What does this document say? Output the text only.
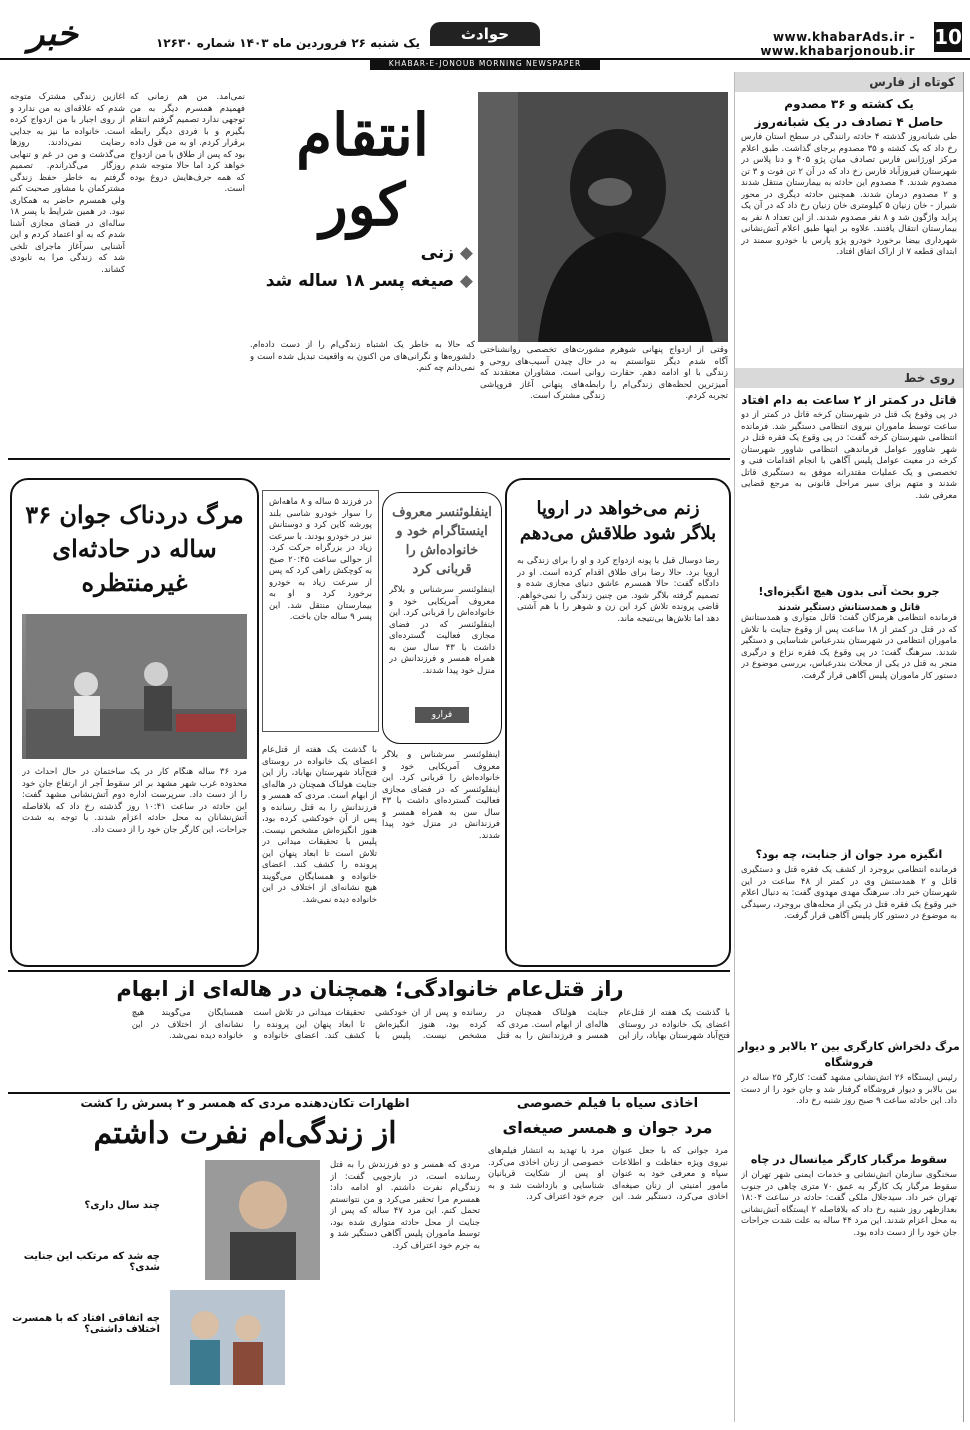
10
www.khabarAds.ir - www.khabarjonoub.ir
حوادث
یک شنبه ۲۶ فروردین ماه ۱۴۰۳ شماره ۱۲۶۳۰
خبر
KHABAR-E-JONOUB MORNING NEWSPAPER
کوتاه از فارس
یک کشته و ۳۶ مصدوم
حاصل ۴ تصادف در یک شبانه‌روز
طی شبانه‌روز گذشته ۴ حادثه رانندگی در سطح استان فارس رخ داد که یک کشته و ۳۵ مصدوم برجای گذاشت. طبق اعلام مرکز اورژانس فارس تصادف میان پژو ۴۰۵ و دنا پلاس در شهرستان فیروزآباد فارس رخ داد که در آن ۲ تن فوت و ۳ تن مصدوم شدند. ۴ مصدوم این حادثه به بیمارستان منتقل شدند و ۲ مصدوم درمان شدند. همچنین حادثه دیگری در محور شیراز - خان زنیان ۵ کیلومتری خان زنیان رخ داد که در آن یک پراید واژگون شد و ۸ نفر مصدوم شدند. از این تعداد ۸ نفر به بیمارستان انتقال یافتند. علاوه بر اینها طبق اعلام آتش‌نشانی شهرداری بیضا برخورد خودرو پژو پارس با خودرو سمند در ابتدای قطعه ۷ از اراک اتفاق افتاد.
روی خط
قاتل در کمتر از ۲ ساعت به دام افتاد
در پی وقوع یک قتل در شهرستان کرخه قاتل در کمتر از دو ساعت توسط ماموران نیروی انتظامی دستگیر شد. فرمانده انتظامی شهرستان کرخه گفت: در پی وقوع یک فقره قتل در شهر شاوور عوامل فرماندهی انتظامی شاوور شهرستان کرخه در معیت عوامل پلیس آگاهی با انجام اقدامات فنی و تخصصی و یک عملیات مقتدرانه موفق به دستگیری قاتل شدند و متهم برای سیر مراحل قانونی به مرجع قضایی معرفی شد.
جرو بحث آنی بدون هیچ انگیزه‌ای!
قاتل و همدستانش دستگیر شدند
فرمانده انتظامی هرمزگان گفت: قاتل متواری و همدستانش که در قتل در کمتر از ۱۸ ساعت پس از وقوع جنایت با تلاش ماموران انتظامی در شهرستان بندرعباس شناسایی و دستگیر شدند. سرهنگ گفت: در پی وقوع یک فقره نزاع و درگیری منجر به قتل در یکی از محلات بندرعباس، بررسی موضوع در دستور کار ماموران پلیس آگاهی قرار گرفت.
انگیزه مرد جوان از جنایت، چه بود؟
فرمانده انتظامی بروجرد از کشف یک فقره قتل و دستگیری قاتل و ۲ همدستش وی در کمتر از ۴۸ ساعت در این شهرستان خبر داد. سرهنگ مهدی مهدوی گفت: به دنبال اعلام خبر وقوع یک فقره قتل در یکی از محله‌های بروجرد، رسیدگی به موضوع در دستور کار پلیس آگاهی قرار گرفت.
مرگ دلخراش کارگری بین ۲ بالابر و دیوار فروشگاه
رئیس ایستگاه ۲۶ آتش‌نشانی مشهد گفت: کارگر ۲۵ ساله در بین بالابر و دیوار فروشگاه گرفتار شد و جان خود را از دست داد. این حادثه ساعت ۹ صبح روز شنبه رخ داد.
سقوط مرگبار کارگر میانسال در چاه
سخنگوی سازمان آتش‌نشانی و خدمات ایمنی شهر تهران از سقوط مرگبار یک کارگر به عمق ۷۰ متری چاهی در جنوب تهران خبر داد. سیدجلال ملکی گفت: حادثه در ساعت ۱۸:۰۴ بعدازظهر روز شنبه رخ داد که بلافاصله ۲ ایستگاه آتش‌نشانی به محل اعزام شدند. این مرد ۴۴ ساله به علت شدت جراحات جان خود را از دست داده بود.
انتقام کور
◆ زنی
◆ صیغه پسر ۱۸ ساله شد
آغازین زندگی مشترک متوجه شدم که علاقه‌ای به من ندارد و از روی اجبار با من ازدواج کرده است. خانواده ما نیز به جدایی رضایت نمی‌دادند. روزها می‌گذشت و من در غم و تنهایی روزگار می‌گذراندم. تصمیم گرفتم به خاطر حفظ زندگی مشترکمان با مشاور صحبت کنم ولی همسرم حاضر به همکاری نبود. در همین شرایط با پسر ۱۸ ساله‌ای در فضای مجازی آشنا شدم که به او اعتماد کردم و این آشنایی سرآغاز ماجرای تلخی شد که زندگی مرا به نابودی کشاند.
نمی‌آمد. من هم زمانی که فهمیدم همسرم دیگر به من توجهی ندارد تصمیم گرفتم انتقام بگیرم و با فردی دیگر رابطه برقرار کردم. او به من قول داده بود که پس از طلاق با من ازدواج خواهد کرد اما حالا متوجه شدم که همه حرف‌هایش دروغ بوده است.
که حالا به خاطر یک اشتباه زندگی‌ام را از دست داده‌ام. دلشوره‌ها و نگرانی‌های من اکنون به واقعیت تبدیل شده است و نمی‌دانم چه کنم.
وقتی از ازدواج پنهانی شوهرم آگاه شدم دیگر نتوانستم به زندگی با او ادامه دهم. حقارت آمیزترین لحظه‌های زندگی‌ام را تجربه کردم.
مشورت‌های تخصصی روانشناختی در حال چیدن آسیب‌های روحی و روانی است. مشاوران معتقدند که رابطه‌های پنهانی آغاز فروپاشی زندگی مشترک است.
مرگ دردناک جوان ۳۶ ساله در حادثه‌ای غیرمنتظره
مرد ۳۶ ساله هنگام کار در یک ساختمان در حال احداث در محدوده غرب شهر مشهد بر اثر سقوط آجر از ارتفاع جان خود را از دست داد. سرپرست اداره دوم آتش‌نشانی مشهد گفت: این حادثه در ساعت ۱۰:۴۱ روز گذشته رخ داد که بلافاصله آتش‌نشانان به محل حادثه اعزام شدند. با توجه به شدت جراحات، این کارگر جان خود را از دست داد.
در فرزند ۵ ساله و ۸ ماهه‌اش را سوار خودرو شاسی بلند پورشه کاین کرد و دوستانش نیز در خودرو بودند. با سرعت زیاد در بزرگراه حرکت کرد. از حوالی ساعت ۲۰:۴۵ صبح به کوچکش راهی کرد که پس از سرعت زیاد به خودرو برخورد کرد و او به بیمارستان منتقل شد. این پسر ۹ ساله جان باخت.
اینفلوئنسر معروف اینستاگرام خود و خانواده‌اش را قربانی کرد
اینفلوئنسر سرشناس و بلاگر معروف آمریکایی خود و خانواده‌اش را قربانی کرد. این اینفلوئنسر که در فضای مجازی فعالیت گسترده‌ای داشت با ۴۳ سال سن به همراه همسر و فرزندانش در منزل خود پیدا شدند.
فرارو
زنم می‌خواهد در اروپا بلاگر شود طلاقش می‌دهم
رضا دوسال قبل با پونه ازدواج کرد و او را برای زندگی به اروپا برد. حالا رضا برای طلاق اقدام کرده است. او در دادگاه گفت: حالا همسرم عاشق دنیای مجازی شده و تصمیم گرفته بلاگر شود. من چنین زندگی را نمی‌خواهم. قاضی پرونده تلاش کرد این زن و شوهر را با هم آشتی دهد اما تلاش‌ها بی‌نتیجه ماند.
با گذشت یک هفته از قتل‌عام اعضای یک خانواده در روستای فتح‌آباد شهرستان بهاباد، راز این جنایت هولناک همچنان در هاله‌ای از ابهام است. مردی که همسر و فرزندانش را به قتل رسانده و پس از آن خودکشی کرده بود، هنوز انگیزه‌اش مشخص نیست. پلیس با تحقیقات میدانی در تلاش است تا ابعاد پنهان این پرونده را کشف کند. اعضای خانواده و همسایگان می‌گویند هیچ نشانه‌ای از اختلاف در این خانواده دیده نمی‌شد.
اینفلوئنسر سرشناس و بلاگر معروف آمریکایی خود و خانواده‌اش را قربانی کرد. این اینفلوئنسر که در فضای مجازی فعالیت گسترده‌ای داشت با ۴۳ سال سن به همراه همسر و فرزندانش در منزل خود پیدا شدند.
راز قتل‌عام خانوادگی؛ همچنان در هاله‌ای از ابهام
با گذشت یک هفته از قتل‌عام اعضای یک خانواده در روستای فتح‌آباد شهرستان بهاباد، راز این جنایت هولناک همچنان در هاله‌ای از ابهام است. مردی که همسر و فرزندانش را به قتل رسانده و پس از آن خودکشی کرده بود، هنوز انگیزه‌اش مشخص نیست. پلیس با تحقیقات میدانی در تلاش است تا ابعاد پنهان این پرونده را کشف کند. اعضای خانواده و همسایگان می‌گویند هیچ نشانه‌ای از اختلاف در این خانواده دیده نمی‌شد.
اظهارات تکان‌دهنده مردی که همسر و ۲ پسرش را کشت
از زندگی‌ام نفرت داشتم
چند سال داری؟
چه شد که مرتکب این جنایت شدی؟
چه اتفاقی افتاد که با همسرت اختلاف داشتی؟
مردی که همسر و دو فرزندش را به قتل رسانده است، در بازجویی گفت: از زندگی‌ام نفرت داشتم. او ادامه داد: همسرم مرا تحقیر می‌کرد و من نتوانستم تحمل کنم. این مرد ۴۷ ساله که پس از جنایت از محل حادثه متواری شده بود، توسط ماموران پلیس آگاهی دستگیر شد و به جرم خود اعتراف کرد.
اخاذی سیاه با فیلم خصوصی
مرد جوان و همسر صیغه‌ای
مرد جوانی که با جعل عنوان نیروی ویژه حفاظت و اطلاعات سپاه و معرفی خود به عنوان مامور امنیتی از زنان صیغه‌ای اخاذی می‌کرد، دستگیر شد. این مرد با تهدید به انتشار فیلم‌های خصوصی از زنان اخاذی می‌کرد. او پس از شکایت قربانیان شناسایی و بازداشت شد و به جرم خود اعتراف کرد.
